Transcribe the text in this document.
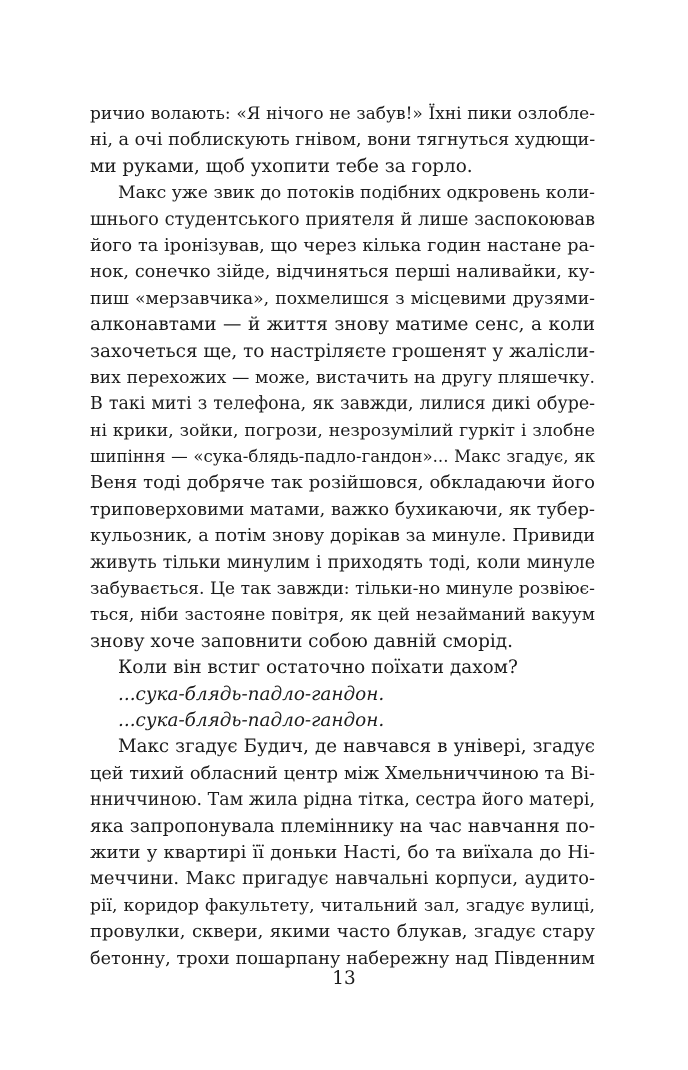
ричио волають: «Я нічого не забув!» Їхні пики озлобле-
ні, а очі поблискують гнівом, вони тягнуться худющи-
ми руками, щоб ухопити тебе за горло.
Макс уже звик до потоків подібних одкровень коли-
шнього студентського приятеля й лише заспокоював
його та іронізував, що через кілька годин настане ра-
нок, сонечко зійде, відчиняться перші наливайки, ку-
пиш «мерзавчика», похмелишся з місцевими друзями-
алконавтами — й життя знову матиме сенс, а коли
захочеться ще, то настріляєте грошенят у жалісли-
вих перехожих — може, вистачить на другу пляшечку.
В такі миті з телефона, як завжди, лилися дикі обуре-
ні крики, зойки, погрози, незрозумілий гуркіт і злобне
шипіння — «сука-блядь-падло-гандон»... Макс згадує, як
Веня тоді добряче так розійшовся, обкладаючи його
триповерховими матами, важко бухикаючи, як тубер-
кульозник, а потім знову дорікав за минуле. Привиди
живуть тільки минулим і приходять тоді, коли минуле
забувається. Це так завжди: тільки-но минуле розвіює-
ться, ніби застояне повітря, як цей незайманий вакуум
знову хоче заповнити собою давній сморід.
Коли він встиг остаточно поїхати дахом?
...сука-блядь-падло-гандон.
...сука-блядь-падло-гандон.
Макс згадує Будич, де навчався в універі, згадує
цей тихий обласний центр між Хмельниччиною та Ві-
нниччиною. Там жила рідна тітка, сестра його матері,
яка запропонувала племіннику на час навчання по-
жити у квартирі її доньки Насті, бо та виїхала до Ні-
меччини. Макс пригадує навчальні корпуси, аудито-
рії, коридор факультету, читальний зал, згадує вулиці,
провулки, сквери, якими часто блукав, згадує стару
бетонну, трохи пошарпану набережну над Південним
13
